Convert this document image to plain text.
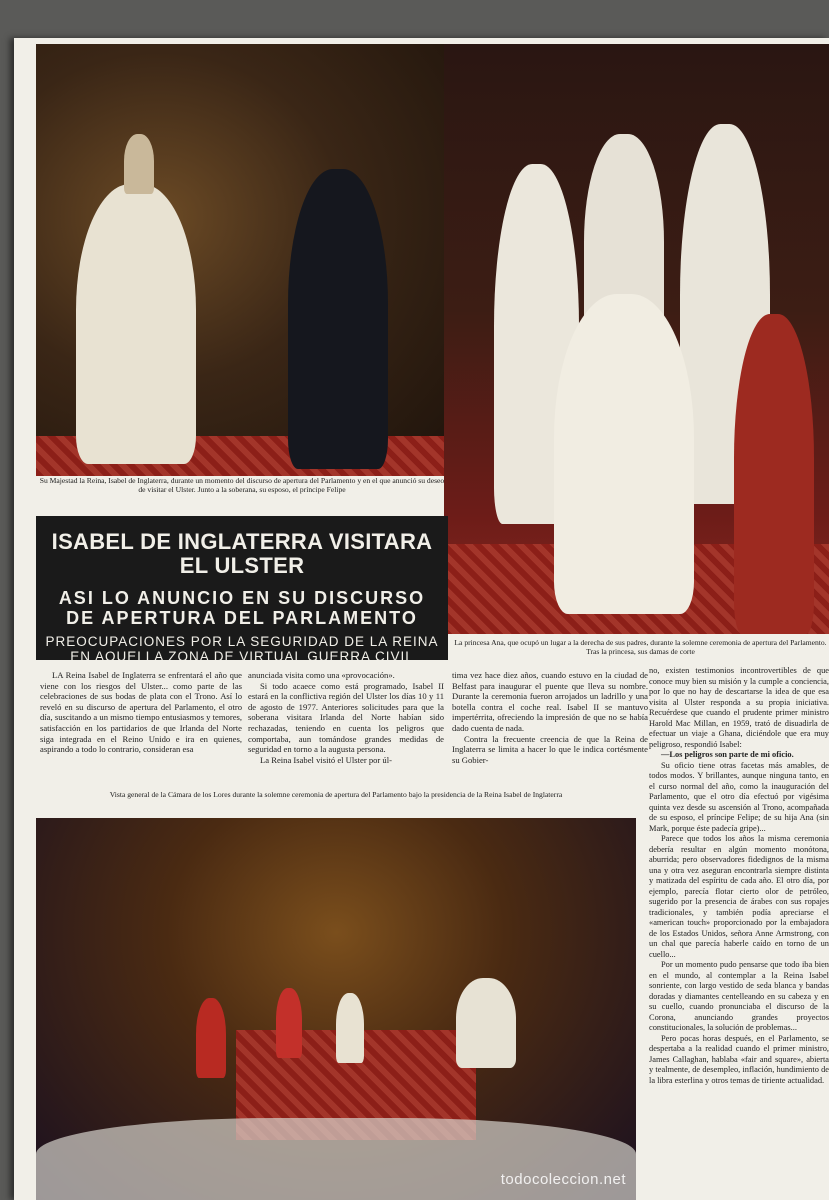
Su Majestad la Reina, Isabel de Inglaterra, durante un momento del discurso de apertura del Parlamento y en el que anunció su deseo de visitar el Ulster. Junto a la soberana, su esposo, el príncipe Felipe
ISABEL DE INGLATERRA VISITARA EL ULSTER
ASI LO ANUNCIO EN SU DISCURSO
DE APERTURA DEL PARLAMENTO
PREOCUPACIONES POR LA SEGURIDAD DE LA REINA
EN AQUELLA ZONA DE VIRTUAL GUERRA CIVIL
La princesa Ana, que ocupó un lugar a la derecha de sus padres, durante la solemne ceremonia de apertura del Parlamento. Tras la princesa, sus damas de corte

LA Reina Isabel de Inglaterra se enfrentará el año que viene con los riesgos del Ulster... como parte de las celebraciones de sus bodas de plata con el Trono. Así lo reveló en su discurso de apertura del Parlamento, el otro día, suscitando a un mismo tiempo entusiasmos y temores, satisfacción en los partidarios de que Irlanda del Norte siga integrada en el Reino Unido e ira en quienes, aspirando a todo lo contrario, consideran esa

anunciada visita como una «provocación».

Si todo acaece como está programado, Isabel II estará en la conflictiva región del Ulster los días 10 y 11 de agosto de 1977. Anteriores solicitudes para que la soberana visitara Irlanda del Norte habían sido rechazadas, teniendo en cuenta los peligros que comportaba, aun tomándose grandes medidas de seguridad en torno a la augusta persona.

La Reina Isabel visitó el Ulster por úl-

tima vez hace diez años, cuando estuvo en la ciudad de Belfast para inaugurar el puente que lleva su nombre. Durante la ceremonia fueron arrojados un ladrillo y una botella contra el coche real. Isabel II se mantuvo impertérrita, ofreciendo la impresión de que no se había dado cuenta de nada.

Contra la frecuente creencia de que la Reina de Inglaterra se limita a hacer lo que le indica cortésmente su Gobier-

no, existen testimonios incontrovertibles de que conoce muy bien su misión y la cumple a conciencia, por lo que no hay de descartarse la idea de que esa visita al Ulster responda a su propia iniciativa. Recuérdese que cuando el prudente primer ministro Harold Mac Millan, en 1959, trató de disuadirla de efectuar un viaje a Ghana, diciéndole que era muy peligroso, respondió Isabel:

—Los peligros son parte de mi oficio.

Su oficio tiene otras facetas más amables, de todos modos. Y brillantes, aunque ninguna tanto, en el curso normal del año, como la inauguración del Parlamento, que el otro día efectuó por vigésima quinta vez desde su ascensión al Trono, acompañada de su esposo, el príncipe Felipe; de su hija Ana (sin Mark, porque éste padecía gripe)...

Parece que todos los años la misma ceremonia debería resultar en algún momento monótona, aburrida; pero observadores fidedignos de la misma una y otra vez aseguran encontrarla siempre distinta y matizada del espíritu de cada año. El otro día, por ejemplo, parecía flotar cierto olor de petróleo, sugerido por la presencia de árabes con sus ropajes tradicionales, y también podía apreciarse el «american touch» proporcionado por la embajadora de los Estados Unidos, señora Anne Armstrong, con un chal que parecía haberle caído en torno de un cuello...

Por un momento pudo pensarse que todo iba bien en el mundo, al contemplar a la Reina Isabel sonriente, con largo vestido de seda blanca y bandas doradas y diamantes centelleando en su cabeza y en su cuello, cuando pronunciaba el discurso de la Corona, anunciando grandes proyectos constitucionales, la solución de problemas...

Pero pocas horas después, en el Parlamento, se despertaba a la realidad cuando el primer ministro, James Callaghan, hablaba «fair and square», abierta y tealmente, de desempleo, inflación, hundimiento de la libra esterlina y otros temas de tiriente actualidad.

Vista general de la Cámara de los Lores durante la solemne ceremonia de apertura del Parlamento bajo la presidencia de la Reina Isabel de Inglaterra
todocoleccion.net
